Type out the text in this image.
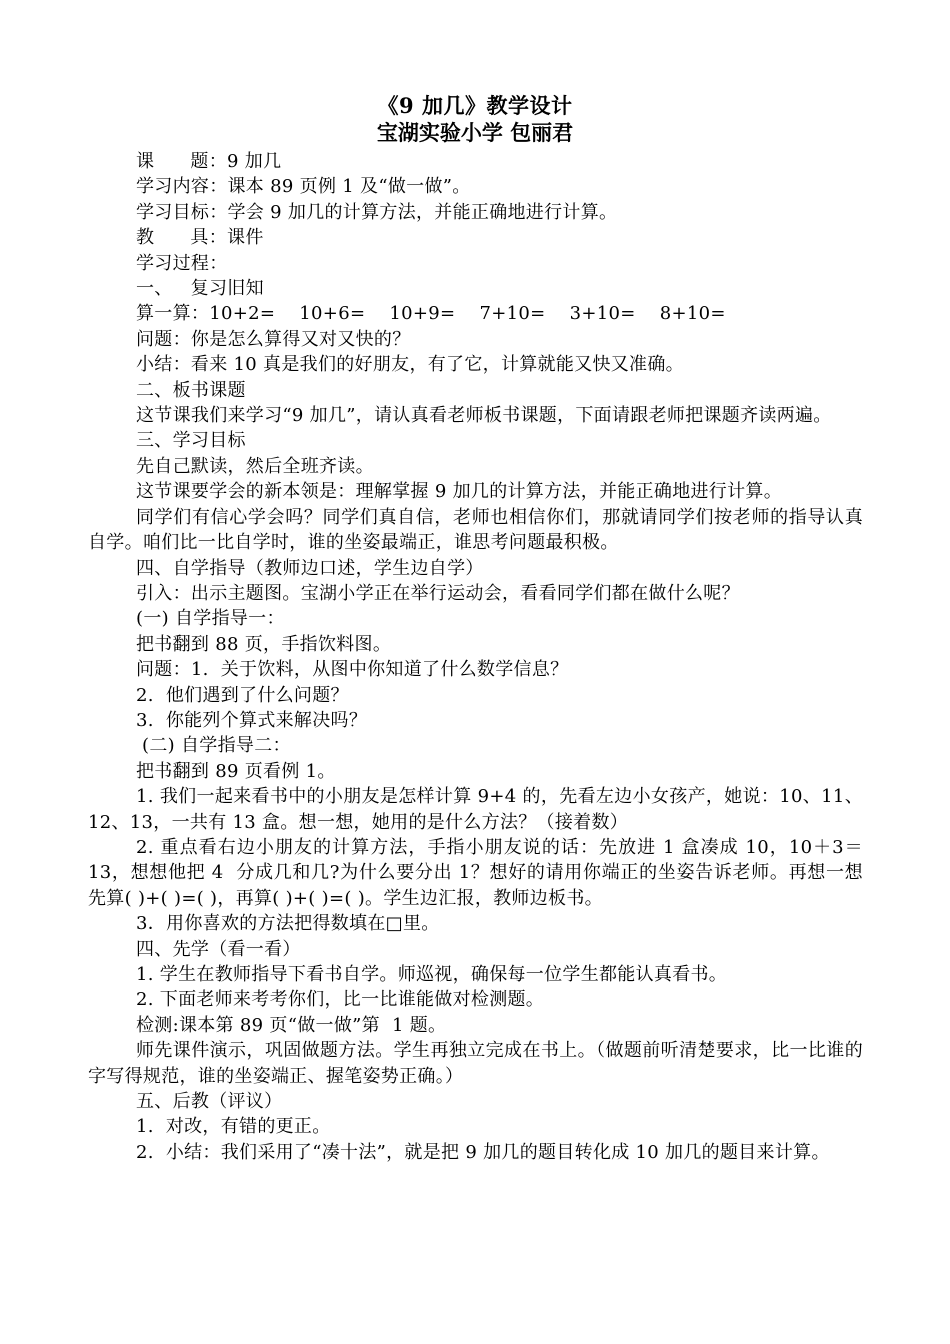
《9 加几》教学设计
宝湖实验小学 包丽君

课      题：9 加几

学习内容：课本 89 页例 1 及“做一做”。

学习目标：学会 9 加几的计算方法，并能正确地进行计算。

教      具：课件

学习过程：

一、   复习旧知

算一算：10+2=    10+6=    10+9=    7+10=    3+10=    8+10=

问题：你是怎么算得又对又快的？

小结：看来 10 真是我们的好朋友，有了它，计算就能又快又准确。

二、板书课题

这节课我们来学习“9 加几”，请认真看老师板书课题，下面请跟老师把课题齐读两遍。

三、学习目标

先自己默读，然后全班齐读。

这节课要学会的新本领是：理解掌握 9 加几的计算方法，并能正确地进行计算。

同学们有信心学会吗？同学们真自信，老师也相信你们，那就请同学们按老师的指导认真自学。咱们比一比自学时，谁的坐姿最端正，谁思考问题最积极。

四、自学指导（教师边口述，学生边自学）

引入：出示主题图。宝湖小学正在举行运动会，看看同学们都在做什么呢？

(一) 自学指导一：

把书翻到 88 页，手指饮料图。

问题：1.  关于饮料，从图中你知道了什么数学信息？

2.  他们遇到了什么问题？

3.  你能列个算式来解决吗？

(二) 自学指导二：

把书翻到 89 页看例 1。

1. 我们一起来看书中的小朋友是怎样计算 9+4 的，先看左边小女孩产，她说：10、11、12、13，一共有 13 盒。想一想，她用的是什么方法？（接着数）

2. 重点看右边小朋友的计算方法，手指小朋友说的话：先放进 1 盒凑成 10，10＋3＝13，想想他把 4  分成几和几?为什么要分出 1？想好的请用你端正的坐姿告诉老师。再想一想先算( )+( )=( )，再算( )+( )=( )。学生边汇报，教师边板书。

3．用你喜欢的方法把得数填在□里。

四、先学（看一看）

1. 学生在教师指导下看书自学。师巡视，确保每一位学生都能认真看书。

2. 下面老师来考考你们，比一比谁能做对检测题。

检测:课本第 89 页“做一做”第  1 题。

师先课件演示，巩固做题方法。学生再独立完成在书上。（做题前听清楚要求，比一比谁的字写得规范，谁的坐姿端正、握笔姿势正确。）

五、后教（评议）

1.  对改，有错的更正。

2.  小结：我们采用了“凑十法”，就是把 9 加几的题目转化成 10 加几的题目来计算。
